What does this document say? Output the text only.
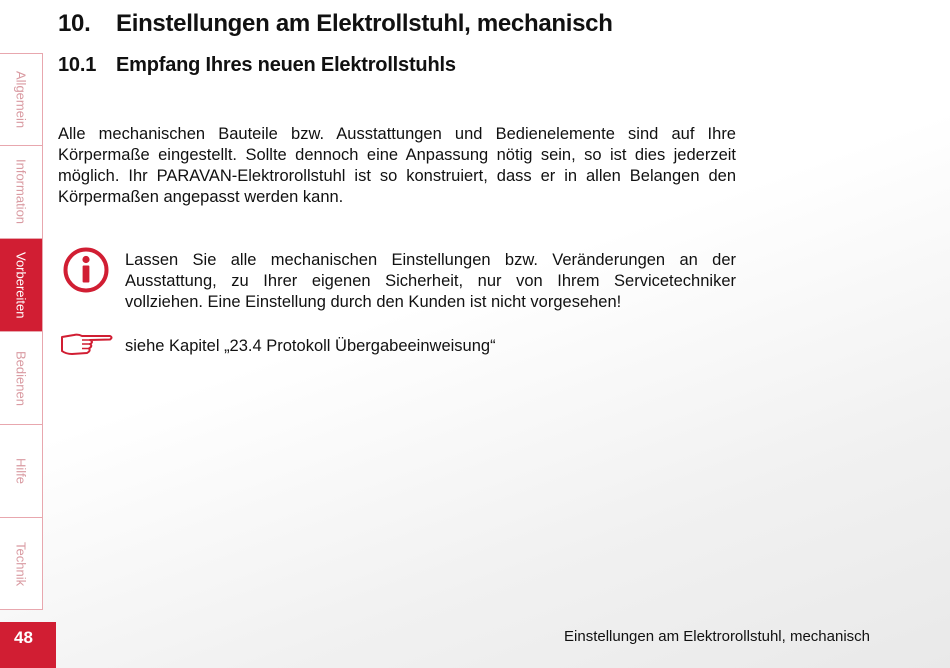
10. Einstellungen am Elektrollstuhl, mechanisch
10.1 Empfang Ihres neuen Elektrollstuhls

Alle mechanischen Bauteile bzw. Ausstattungen und Bedienelemente sind auf Ihre Körpermaße eingestellt. Sollte dennoch eine Anpassung nötig sein, so ist dies jederzeit möglich. Ihr PARAVAN-Elektrorollstuhl ist so konstruiert, dass er in allen Belangen den Körpermaßen angepasst werden kann.

Lassen Sie alle mechanischen Einstellungen bzw. Veränderungen an der Ausstattung, zu Ihrer eigenen Sicherheit, nur von Ihrem Servicetechniker vollziehen. Eine Einstellung durch den Kunden ist nicht vorgesehen!

siehe Kapitel „23.4 Protokoll Übergabeeinweisung“

Allgemein
Information
Vorbereiten
Bedienen
Hilfe
Technik
48	Einstellungen am Elektrorollstuhl, mechanisch
